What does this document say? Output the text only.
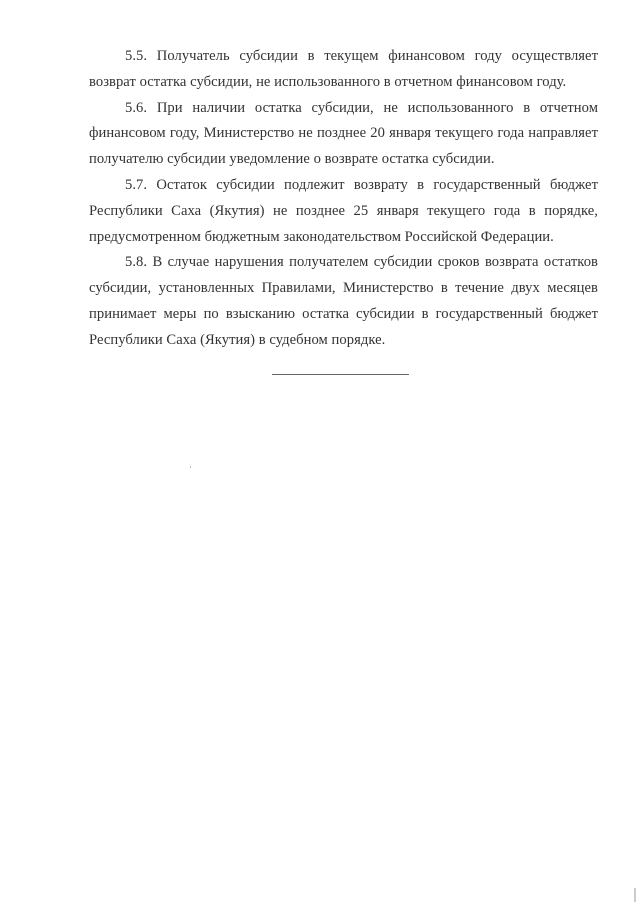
5.5. Получатель субсидии в текущем финансовом году осуществляет возврат остатка субсидии, не использованного в отчетном финансовом году.

5.6. При наличии остатка субсидии, не использованного в отчетном финансовом году, Министерство не позднее 20 января текущего года направляет получателю субсидии уведомление о возврате остатка субсидии.

5.7. Остаток субсидии подлежит возврату в государственный бюджет Республики Саха (Якутия) не позднее 25 января текущего года в порядке, предусмотренном бюджетным законодательством Российской Федерации.

5.8. В случае нарушения получателем субсидии сроков возврата остатков субсидии, установленных Правилами, Министерство в течение двух месяцев принимает меры по взысканию остатка субсидии в государственный бюджет Республики Саха (Якутия) в судебном порядке.
